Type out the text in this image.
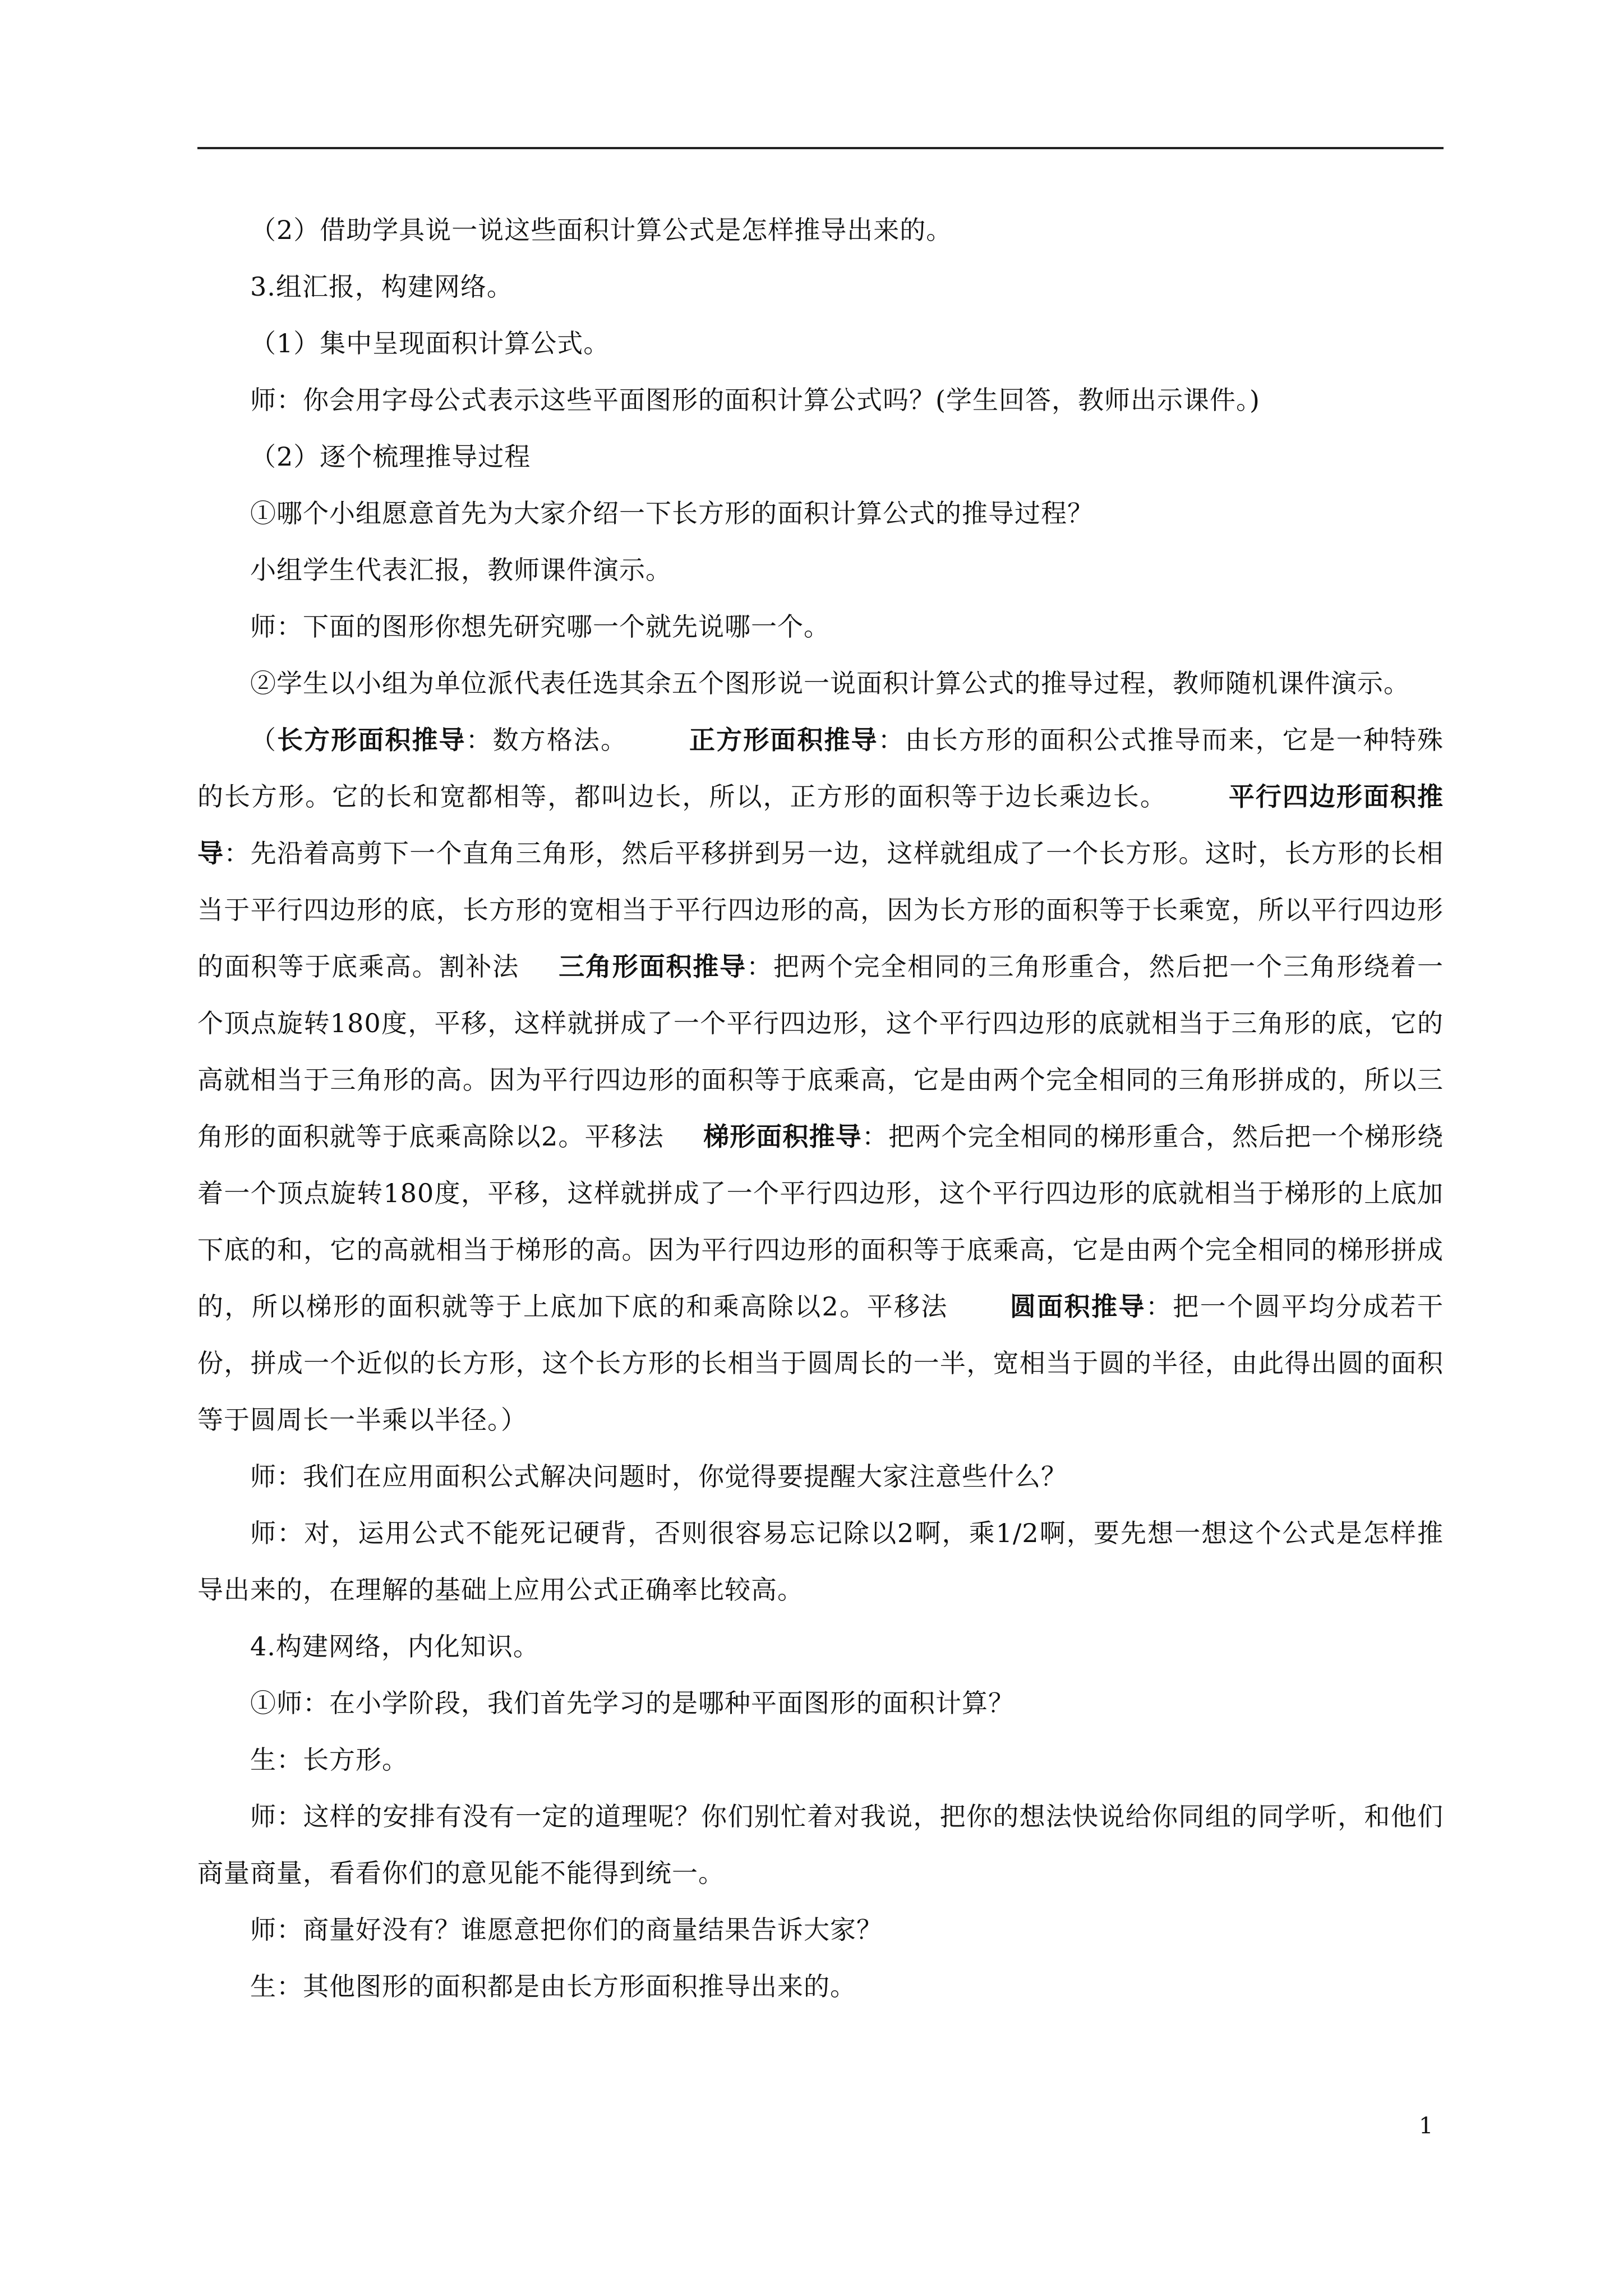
（2）借助学具说一说这些面积计算公式是怎样推导出来的。

3.组汇报，构建网络。

（1）集中呈现面积计算公式。

师：你会用字母公式表示这些平面图形的面积计算公式吗？(学生回答，教师出示课件。)

（2）逐个梳理推导过程

①哪个小组愿意首先为大家介绍一下长方形的面积计算公式的推导过程？

小组学生代表汇报，教师课件演示。

师：下面的图形你想先研究哪一个就先说哪一个。

②学生以小组为单位派代表任选其余五个图形说一说面积计算公式的推导过程，教师随机课件演示。

（长方形面积推导：数方格法。 正方形面积推导：由长方形的面积公式推导而来，它是一种特殊的长方形。它的长和宽都相等，都叫边长，所以，正方形的面积等于边长乘边长。 平行四边形面积推导：先沿着高剪下一个直角三角形，然后平移拼到另一边，这样就组成了一个长方形。这时，长方形的长相当于平行四边形的底，长方形的宽相当于平行四边形的高，因为长方形的面积等于长乘宽，所以平行四边形的面积等于底乘高。割补法 三角形面积推导：把两个完全相同的三角形重合，然后把一个三角形绕着一个顶点旋转180度，平移，这样就拼成了一个平行四边形，这个平行四边形的底就相当于三角形的底，它的高就相当于三角形的高。因为平行四边形的面积等于底乘高，它是由两个完全相同的三角形拼成的，所以三角形的面积就等于底乘高除以2。平移法 梯形面积推导：把两个完全相同的梯形重合，然后把一个梯形绕着一个顶点旋转180度，平移，这样就拼成了一个平行四边形，这个平行四边形的底就相当于梯形的上底加下底的和，它的高就相当于梯形的高。因为平行四边形的面积等于底乘高，它是由两个完全相同的梯形拼成的，所以梯形的面积就等于上底加下底的和乘高除以2。平移法 圆面积推导：把一个圆平均分成若干份，拼成一个近似的长方形，这个长方形的长相当于圆周长的一半，宽相当于圆的半径，由此得出圆的面积等于圆周长一半乘以半径。）

师：我们在应用面积公式解决问题时，你觉得要提醒大家注意些什么？

师：对，运用公式不能死记硬背，否则很容易忘记除以2啊，乘1/2啊，要先想一想这个公式是怎样推导出来的，在理解的基础上应用公式正确率比较高。

4.构建网络，内化知识。

①师：在小学阶段，我们首先学习的是哪种平面图形的面积计算？

生：长方形。

师：这样的安排有没有一定的道理呢？你们别忙着对我说，把你的想法快说给你同组的同学听，和他们商量商量，看看你们的意见能不能得到统一。

师：商量好没有？谁愿意把你们的商量结果告诉大家？

生：其他图形的面积都是由长方形面积推导出来的。

1
